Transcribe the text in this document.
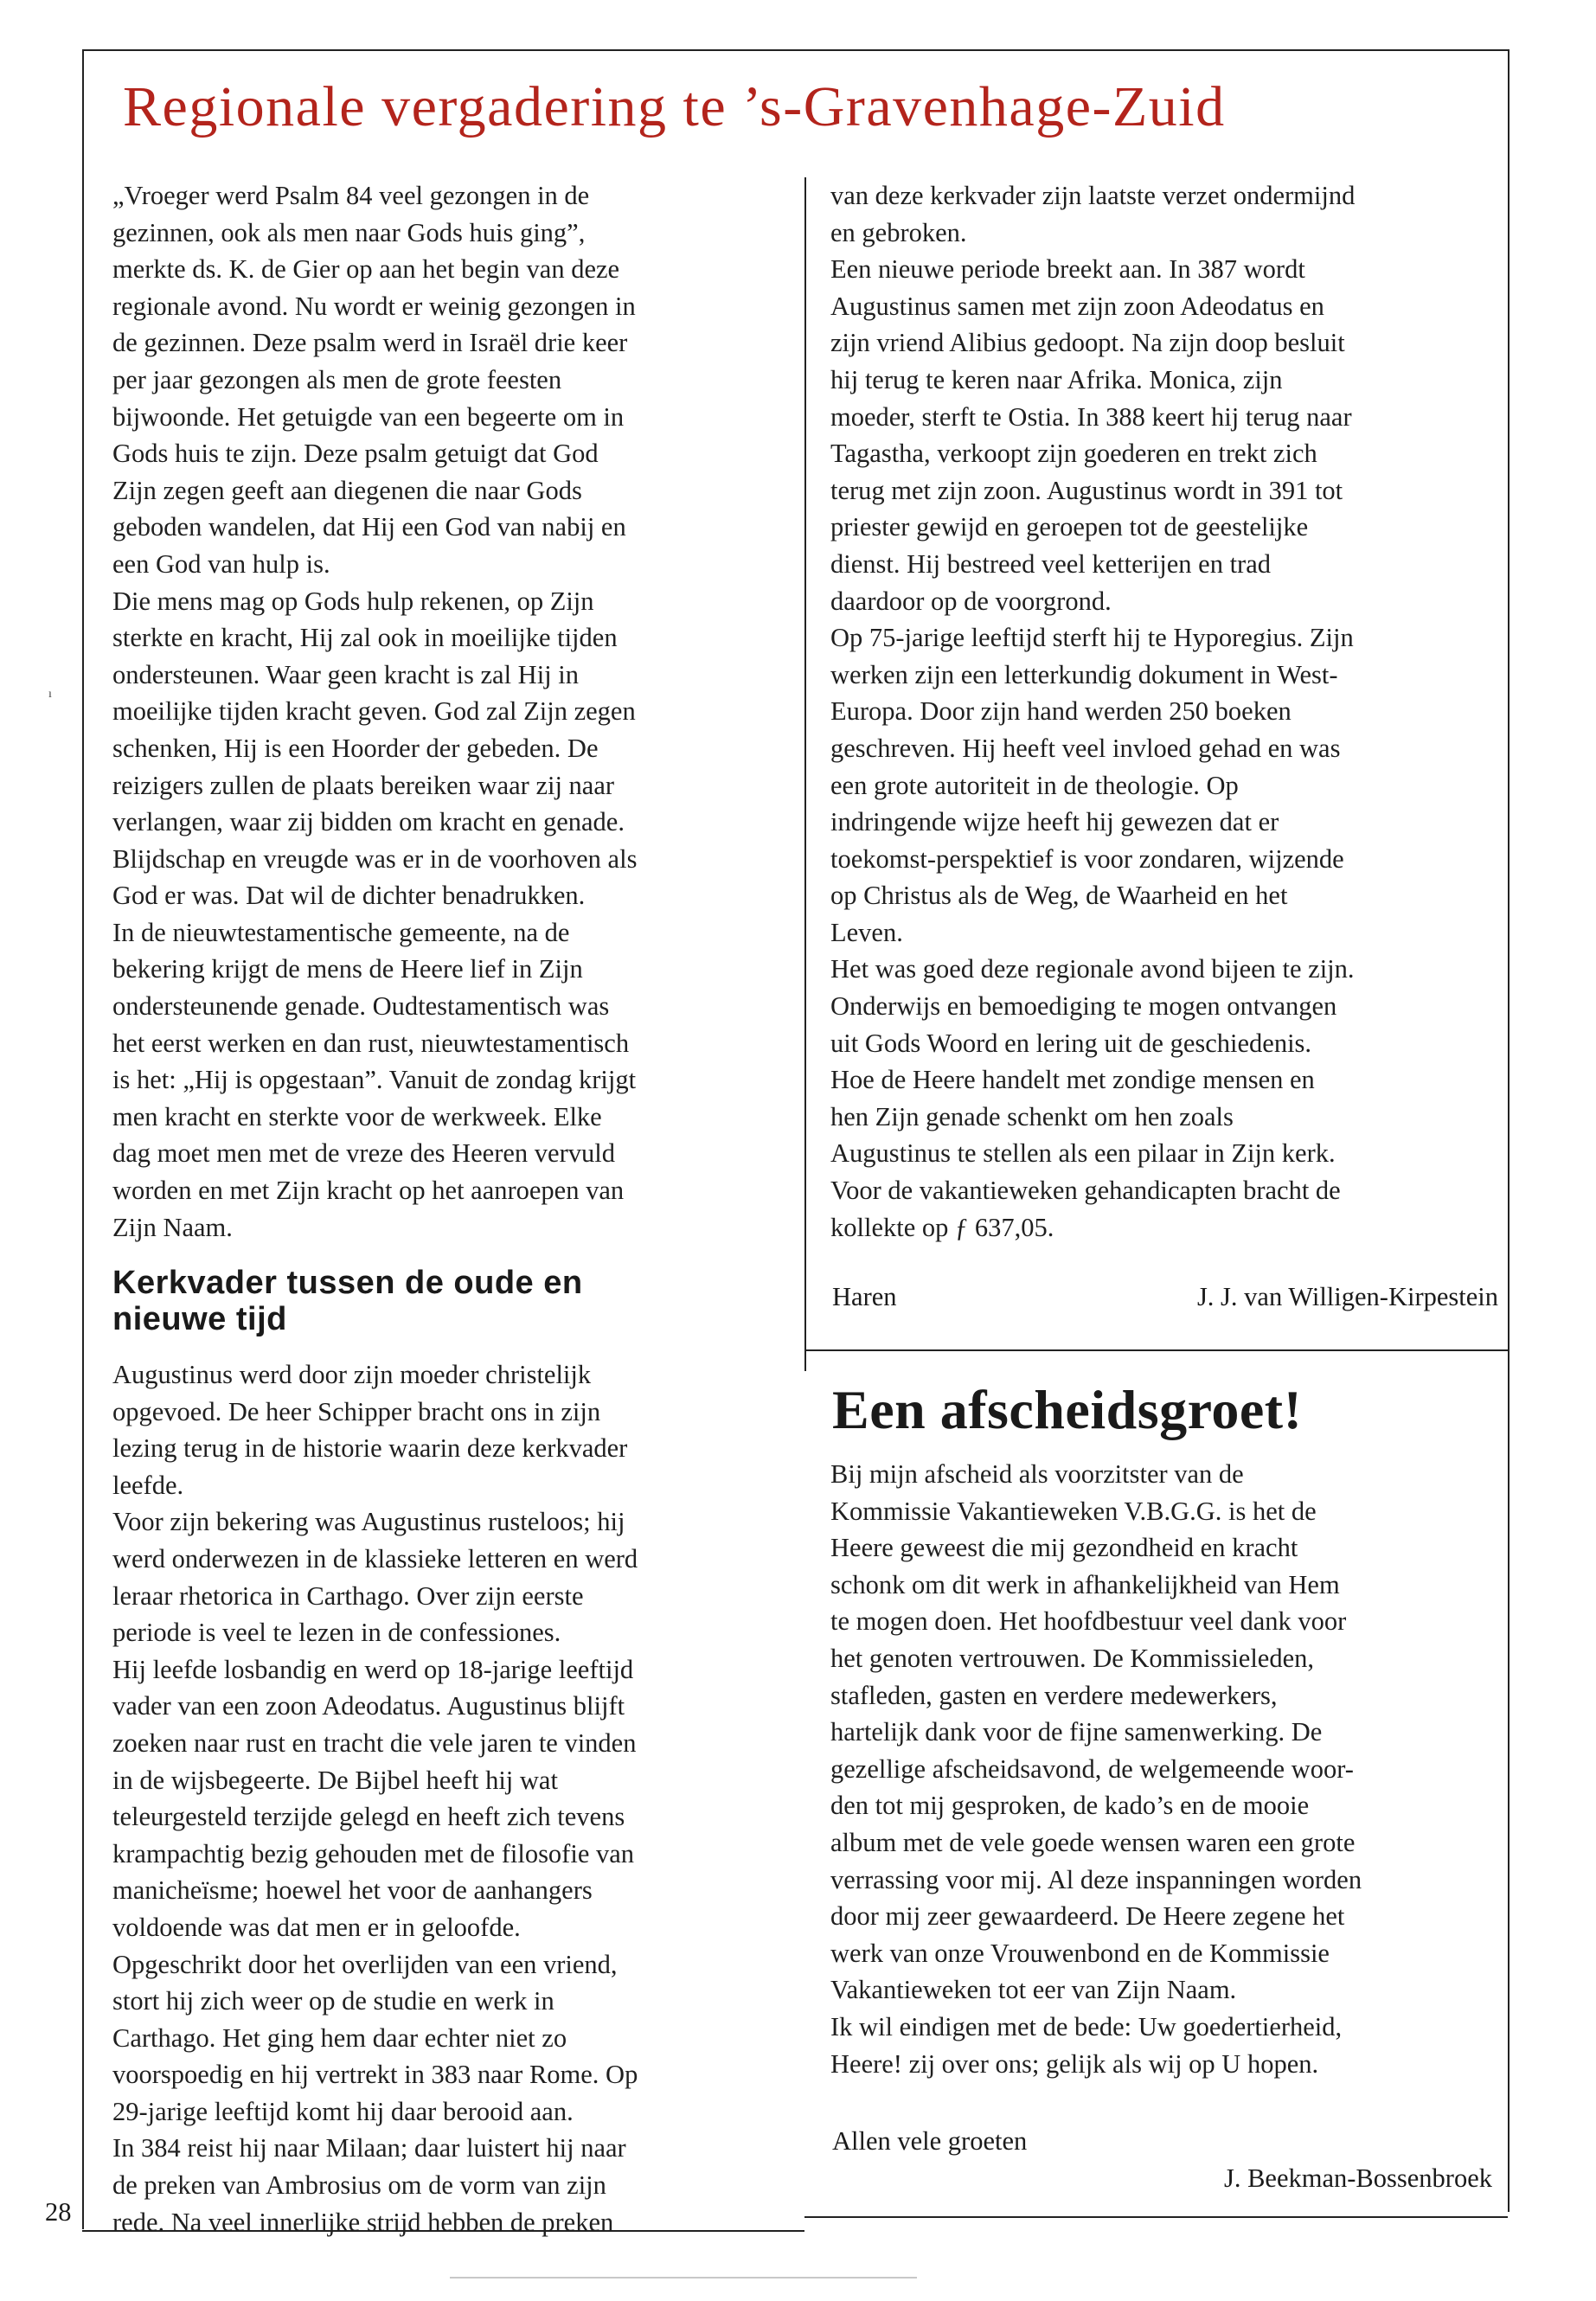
Regionale vergadering te ’s-Gravenhage-Zuid
„Vroeger werd Psalm 84 veel gezongen in de
gezinnen, ook als men naar Gods huis ging”,
merkte ds. K. de Gier op aan het begin van deze
regionale avond. Nu wordt er weinig gezongen in
de gezinnen. Deze psalm werd in Israël drie keer
per jaar gezongen als men de grote feesten
bijwoonde. Het getuigde van een begeerte om in
Gods huis te zijn. Deze psalm getuigt dat God
Zijn zegen geeft aan diegenen die naar Gods
geboden wandelen, dat Hij een God van nabij en
een God van hulp is.
Die mens mag op Gods hulp rekenen, op Zijn
sterkte en kracht, Hij zal ook in moeilijke tijden
ondersteunen. Waar geen kracht is zal Hij in
moeilijke tijden kracht geven. God zal Zijn zegen
schenken, Hij is een Hoorder der gebeden. De
reizigers zullen de plaats bereiken waar zij naar
verlangen, waar zij bidden om kracht en genade.
Blijdschap en vreugde was er in de voorhoven als
God er was. Dat wil de dichter benadrukken.
In de nieuwtestamentische gemeente, na de
bekering krijgt de mens de Heere lief in Zijn
ondersteunende genade. Oudtestamentisch was
het eerst werken en dan rust, nieuwtestamentisch
is het: „Hij is opgestaan”. Vanuit de zondag krijgt
men kracht en sterkte voor de werkweek. Elke
dag moet men met de vreze des Heeren vervuld
worden en met Zijn kracht op het aanroepen van
Zijn Naam.
Kerkvader tussen de oude en
nieuwe tijd
Augustinus werd door zijn moeder christelijk
opgevoed. De heer Schipper bracht ons in zijn
lezing terug in de historie waarin deze kerkvader
leefde.
Voor zijn bekering was Augustinus rusteloos; hij
werd onderwezen in de klassieke letteren en werd
leraar rhetorica in Carthago. Over zijn eerste
periode is veel te lezen in de confessiones.
Hij leefde losbandig en werd op 18-jarige leeftijd
vader van een zoon Adeodatus. Augustinus blijft
zoeken naar rust en tracht die vele jaren te vinden
in de wijsbegeerte. De Bijbel heeft hij wat
teleurgesteld terzijde gelegd en heeft zich tevens
krampachtig bezig gehouden met de filosofie van
manicheïsme; hoewel het voor de aanhangers
voldoende was dat men er in geloofde.
Opgeschrikt door het overlijden van een vriend,
stort hij zich weer op de studie en werk in
Carthago. Het ging hem daar echter niet zo
voorspoedig en hij vertrekt in 383 naar Rome. Op
29-jarige leeftijd komt hij daar berooid aan.
In 384 reist hij naar Milaan; daar luistert hij naar
de preken van Ambrosius om de vorm van zijn
rede. Na veel innerlijke strijd hebben de preken
van deze kerkvader zijn laatste verzet ondermijnd
en gebroken.
Een nieuwe periode breekt aan. In 387 wordt
Augustinus samen met zijn zoon Adeodatus en
zijn vriend Alibius gedoopt. Na zijn doop besluit
hij terug te keren naar Afrika. Monica, zijn
moeder, sterft te Ostia. In 388 keert hij terug naar
Tagastha, verkoopt zijn goederen en trekt zich
terug met zijn zoon. Augustinus wordt in 391 tot
priester gewijd en geroepen tot de geestelijke
dienst. Hij bestreed veel ketterijen en trad
daardoor op de voorgrond.
Op 75-jarige leeftijd sterft hij te Hyporegius. Zijn
werken zijn een letterkundig dokument in West-
Europa. Door zijn hand werden 250 boeken
geschreven. Hij heeft veel invloed gehad en was
een grote autoriteit in de theologie. Op
indringende wijze heeft hij gewezen dat er
toekomst-perspektief is voor zondaren, wijzende
op Christus als de Weg, de Waarheid en het
Leven.
Het was goed deze regionale avond bijeen te zijn.
Onderwijs en bemoediging te mogen ontvangen
uit Gods Woord en lering uit de geschiedenis.
Hoe de Heere handelt met zondige mensen en
hen Zijn genade schenkt om hen zoals
Augustinus te stellen als een pilaar in Zijn kerk.
Voor de vakantieweken gehandicapten bracht de
kollekte op ƒ 637,05.
Haren	J. J. van Willigen-Kirpestein
Een afscheidsgroet!
Bij mijn afscheid als voorzitster van de
Kommissie Vakantieweken V.B.G.G. is het de
Heere geweest die mij gezondheid en kracht
schonk om dit werk in afhankelijkheid van Hem
te mogen doen. Het hoofdbestuur veel dank voor
het genoten vertrouwen. De Kommissieleden,
stafleden, gasten en verdere medewerkers,
hartelijk dank voor de fijne samenwerking. De
gezellige afscheidsavond, de welgemeende woor-
den tot mij gesproken, de kado’s en de mooie
album met de vele goede wensen waren een grote
verrassing voor mij. Al deze inspanningen worden
door mij zeer gewaardeerd. De Heere zegene het
werk van onze Vrouwenbond en de Kommissie
Vakantieweken tot eer van Zijn Naam.
Ik wil eindigen met de bede: Uw goedertierheid,
Heere! zij over ons; gelijk als wij op U hopen.

Allen vele groeten

J. Beekman-Bossenbroek

28

ı
